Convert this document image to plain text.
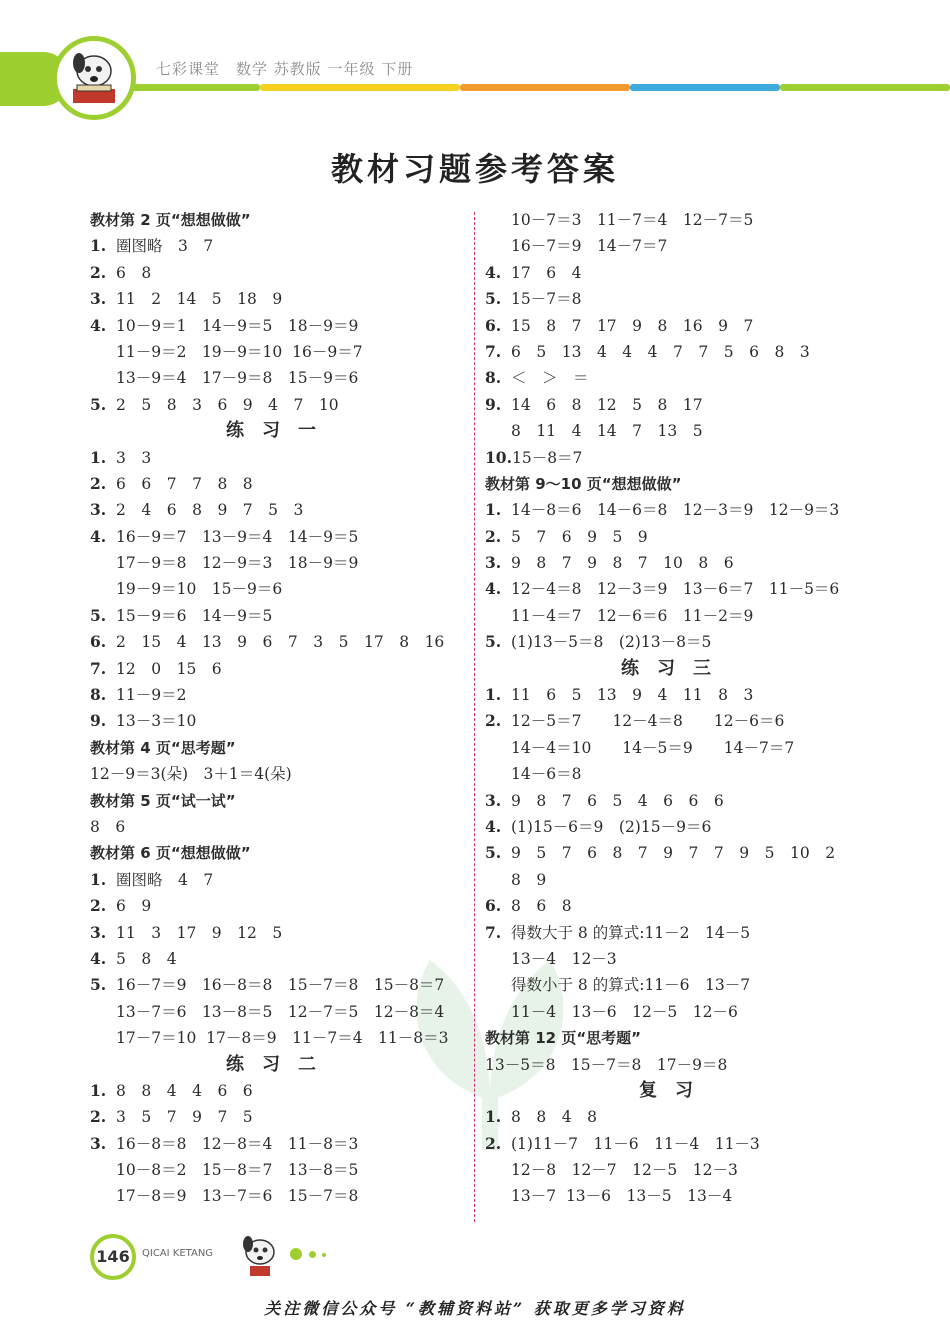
七彩课堂　数学 苏教版 一年级 下册
教材习题参考答案
教材第 2 页“想想做做”
1. 圈图略　3　7
2. 6　8
3. 11　2　14　5　18　9
4. 10－9＝1　14－9＝5　18－9＝9
11－9＝2　19－9＝10  16－9＝7
13－9＝4　17－9＝8　15－9＝6
5. 2　5　8　3　6　9　4　7　10
练习一
1. 3　3
2. 6　6　7　7　8　8
3. 2　4　6　8　9　7　5　3
4. 16－9＝7　13－9＝4　14－9＝5
17－9＝8　12－9＝3　18－9＝9
19－9＝10　15－9＝6
5. 15－9＝6　14－9＝5
6. 2　15　4　13　9　6　7　3　5　17　8　16
7. 12　0　15　6
8. 11－9＝2
9. 13－3＝10
教材第 4 页“思考题”
12－9＝3(朵)　3＋1＝4(朵)
教材第 5 页“试一试”
8　6
教材第 6 页“想想做做”
1. 圈图略　4　7
2. 6　9
3. 11　3　17　9　12　5
4. 5　8　4
5. 16－7＝9　16－8＝8　15－7＝8　15－8＝7
13－7＝6　13－8＝5　12－7＝5　12－8＝4
17－7＝10  17－8＝9　11－7＝4　11－8＝3
练习二
1. 8　8　4　4　6　6
2. 3　5　7　9　7　5
3. 16－8＝8　12－8＝4　11－8＝3
10－8＝2　15－8＝7　13－8＝5
17－8＝9　13－7＝6　15－7＝8
10－7＝3　11－7＝4　12－7＝5
16－7＝9　14－7＝7
4. 17　6　4
5. 15－7＝8
6. 15　8　7　17　9　8　16　9　7
7. 6　5　13　4　4　4　7　7　5　6　8　3
8. ＜　＞　＝
9. 14　6　8　12　5　8　17
8　11　4　14　7　13　5
10.15－8＝7
教材第 9～10 页“想想做做”
1. 14－8＝6　14－6＝8　12－3＝9　12－9＝3
2. 5　7　6　9　5　9
3. 9　8　7　9　8　7　10　8　6
4. 12－4＝8　12－3＝9　13－6＝7　11－5＝6
11－4＝7　12－6＝6　11－2＝9
5. (1)13－5＝8　(2)13－8＝5
练习三
1. 11　6　5　13　9　4　11　8　3
2. 12－5＝7　　12－4＝8　　12－6＝6
14－4＝10　　14－5＝9　　14－7＝7
14－6＝8
3. 9　8　7　6　5　4　6　6　6
4. (1)15－6＝9　(2)15－9＝6
5. 9　5　7　6　8　7　9　7　7　9　5　10　2
8　9
6. 8　6　8
7. 得数大于 8 的算式:11－2　14－5
13－4　12－3
得数小于 8 的算式:11－6　13－7
11－4　13－6　12－5　12－6
教材第 12 页“思考题”
13－5＝8　15－7＝8　17－9＝8
复习
1. 8　8　4　8
2. (1)11－7　11－6　11－4　11－3
12－8　12－7　12－5　12－3
13－7  13－6　13－5　13－4
146	QICAI KETANG
关注微信公众号 “教辅资料站” 获取更多学习资料
